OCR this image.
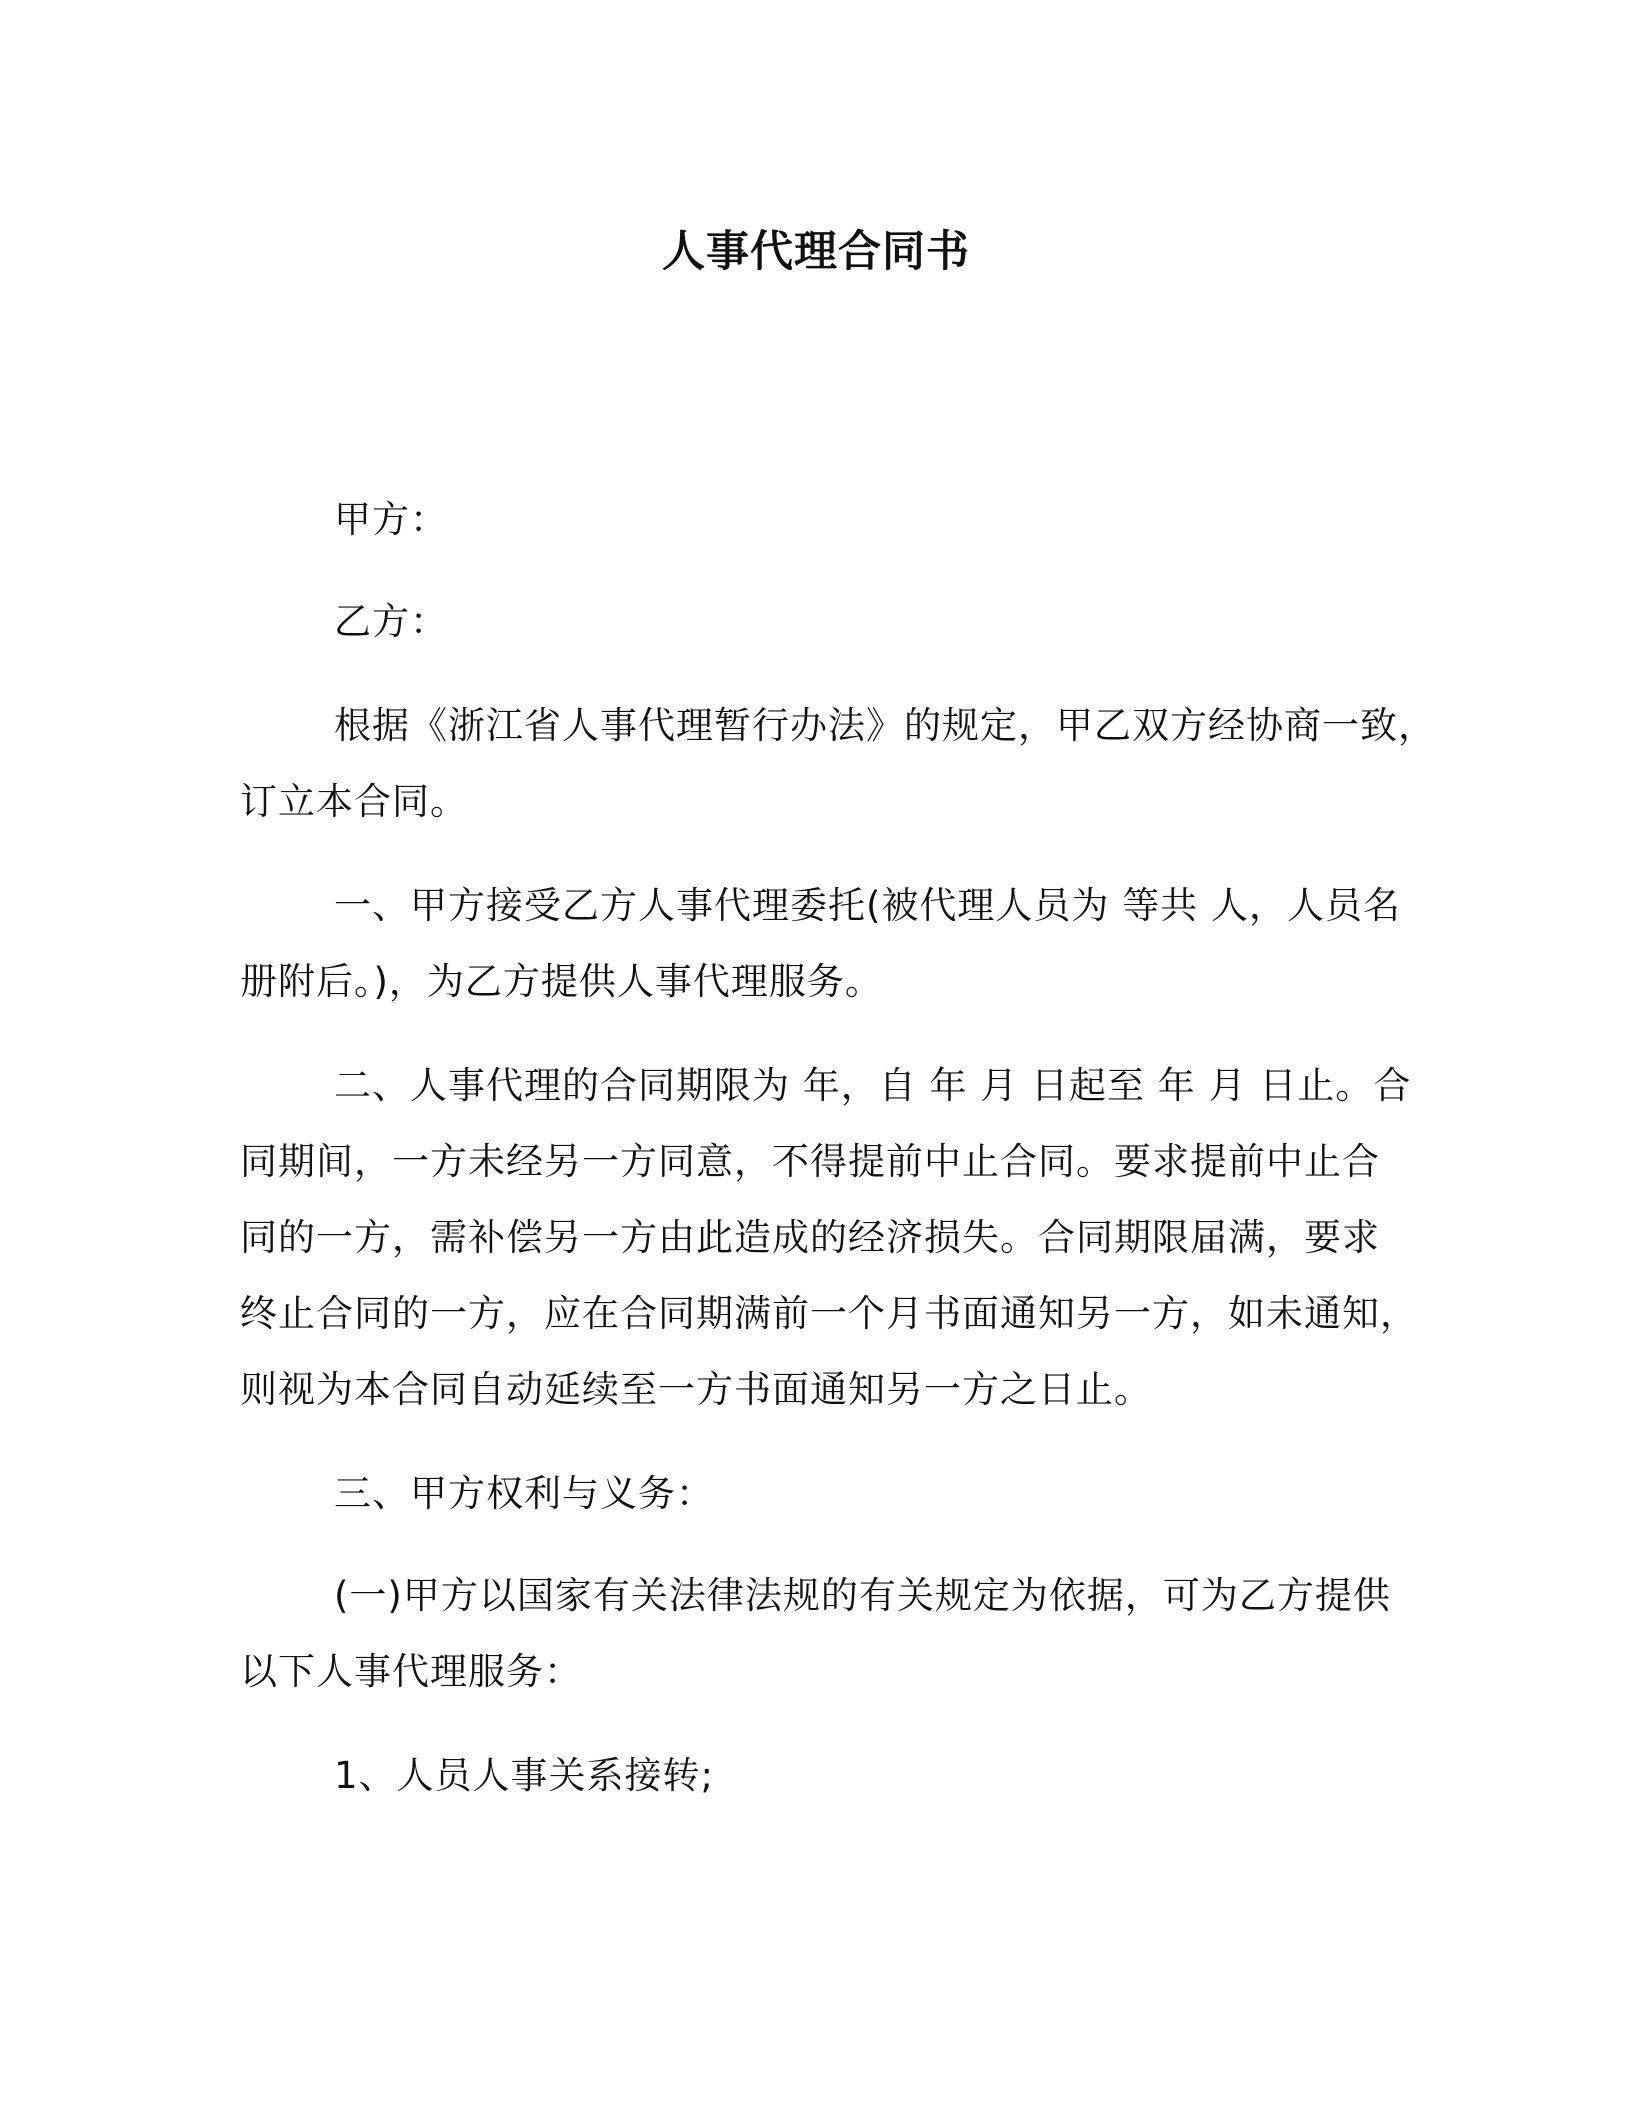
人事代理合同书
甲方：
乙方：
根据《浙江省人事代理暂行办法》的规定，甲乙双方经协商一致，
订立本合同。
一、甲方接受乙方人事代理委托(被代理人员为 等共 人，人员名
册附后。)，为乙方提供人事代理服务。
二、人事代理的合同期限为 年，自 年 月 日起至 年 月 日止。合
同期间，一方未经另一方同意，不得提前中止合同。要求提前中止合
同的一方，需补偿另一方由此造成的经济损失。合同期限届满，要求
终止合同的一方，应在合同期满前一个月书面通知另一方，如未通知，
则视为本合同自动延续至一方书面通知另一方之日止。
三、甲方权利与义务：
(一)甲方以国家有关法律法规的有关规定为依据，可为乙方提供
以下人事代理服务：
1、人员人事关系接转;
